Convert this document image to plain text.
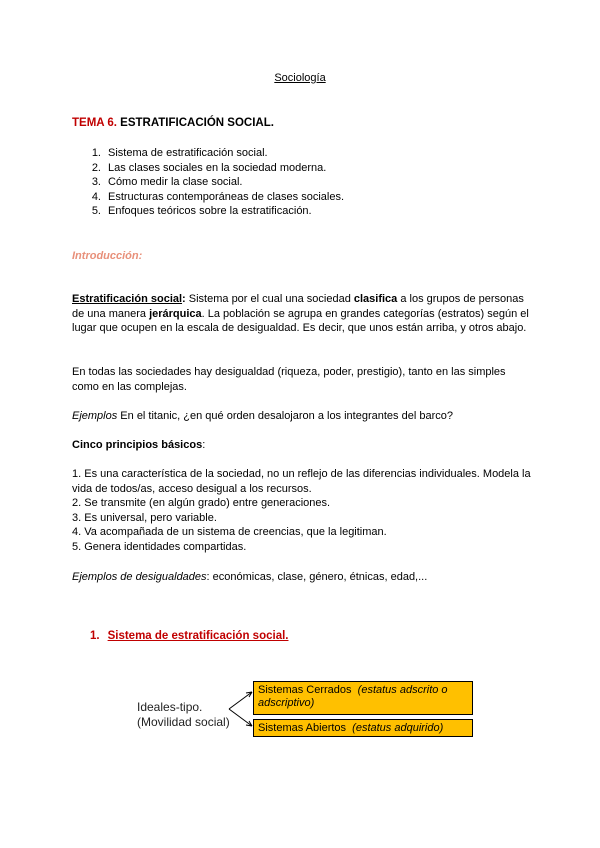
Sociología
TEMA 6. ESTRATIFICACIÓN SOCIAL.
1. Sistema de estratificación social.
2. Las clases sociales en la sociedad moderna.
3. Cómo medir la clase social.
4. Estructuras contemporáneas de clases sociales.
5. Enfoques teóricos sobre la estratificación.
Introducción:
Estratificación social: Sistema por el cual una sociedad clasifica a los grupos de personas de una manera jerárquica. La población se agrupa en grandes categorías (estratos) según el lugar que ocupen en la escala de desigualdad. Es decir, que unos están arriba, y otros abajo.
En todas las sociedades hay desigualdad (riqueza, poder, prestigio), tanto en las simples como en las complejas.
Ejemplos En el titanic, ¿en qué orden desalojaron a los integrantes del barco?
Cinco principios básicos:
1. Es una característica de la sociedad, no un reflejo de las diferencias individuales. Modela la vida de todos/as, acceso desigual a los recursos.
2. Se transmite (en algún grado) entre generaciones.
3. Es universal, pero variable.
4. Va acompañada de un sistema de creencias, que la legitiman.
5. Genera identidades compartidas.
Ejemplos de desigualdades: económicas, clase, género, étnicas, edad,...
1. Sistema de estratificación social.
Ideales-tipo.
(Movilidad social)
Sistemas Cerrados (estatus adscrito o adscriptivo)
Sistemas Abiertos (estatus adquirido)
